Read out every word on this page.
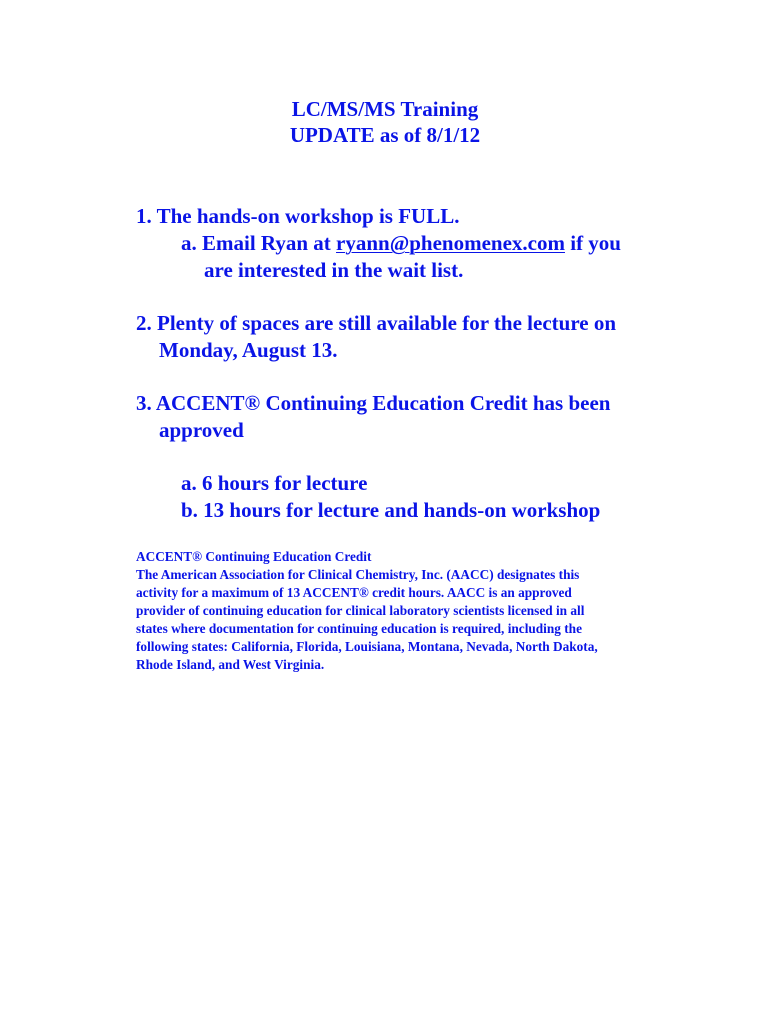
LC/MS/MS Training
UPDATE as of 8/1/12

1. The hands-on workshop is FULL.

a. Email Ryan at ryann@phenomenex.com if you

are interested in the wait list.

2. Plenty of spaces are still available for the lecture on

Monday, August 13.

3. ACCENT® Continuing Education Credit has been

approved

a. 6 hours for lecture

b. 13 hours for lecture and hands-on workshop

ACCENT® Continuing Education Credit

The American Association for Clinical Chemistry, Inc. (AACC) designates this

activity for a maximum of 13 ACCENT® credit hours. AACC is an approved

provider of continuing education for clinical laboratory scientists licensed in all

states where documentation for continuing education is required, including the

following states: California, Florida, Louisiana, Montana, Nevada, North Dakota,

Rhode Island, and West Virginia.
